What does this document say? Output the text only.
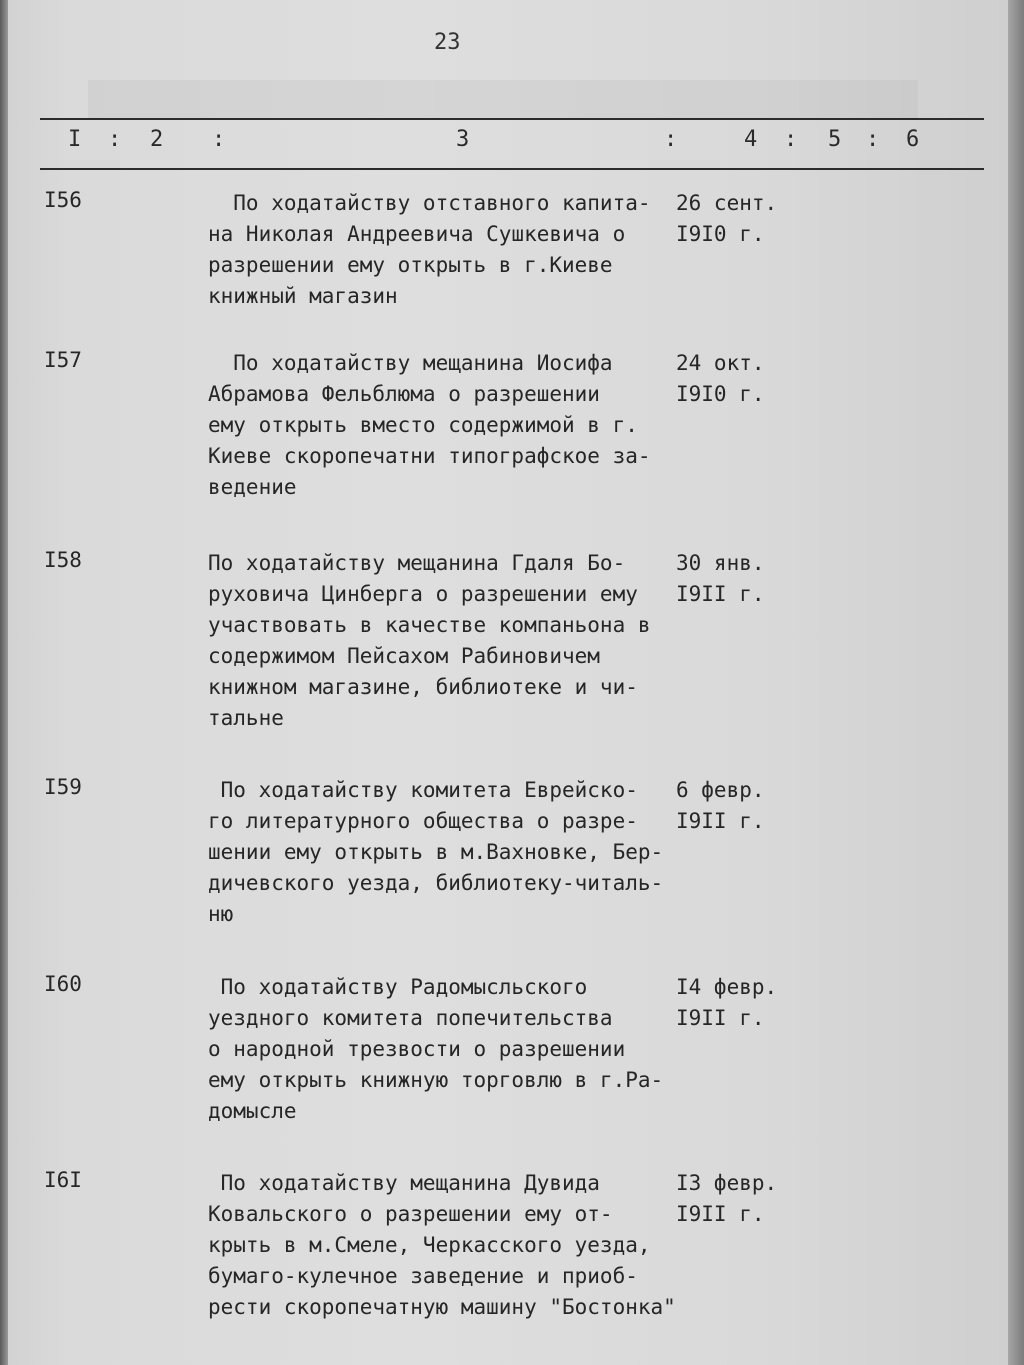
23
I : 2 :	3	:	4 : 5 : 6
I56	По ходатайству отставного капита-
на Николая Андреевича Сушкевича о
разрешении ему открыть в г.Киеве
книжный магазин
26 сент.
I9I0 г.
I57	По ходатайству мещанина Иосифа
Абрамова Фельблюма о разрешении
ему открыть вместо содержимой в г.
Киеве скоропечатни типографское за-
ведение
24 окт.
I9I0 г.
I58	По ходатайству мещанина Гдаля Бо-
руховича Цинберга о разрешении ему
участвовать в качестве компаньона в
содержимом Пейсахом Рабиновичем
книжном магазине, библиотеке и чи-
тальне
30 янв.
I9II г.
I59	По ходатайству комитета Еврейско-
го литературного общества о разре-
шении ему открыть в м.Вахновке, Бер-
дичевского уезда, библиотеку-читаль-
ню
6 февр.
I9II г.
I60	По ходатайству Радомысльского
уездного комитета попечительства
о народной трезвости о разрешении
ему открыть книжную торговлю в г.Ра-
домысле
I4 февр.
I9II г.
I6I	По ходатайству мещанина Дувида
Ковальского о разрешении ему от-
крыть в м.Смеле, Черкасского уезда,
бумаго-кулечное заведение и приоб-
рести скоропечатную машину "Бостонка"
I3 февр.
I9II г.
